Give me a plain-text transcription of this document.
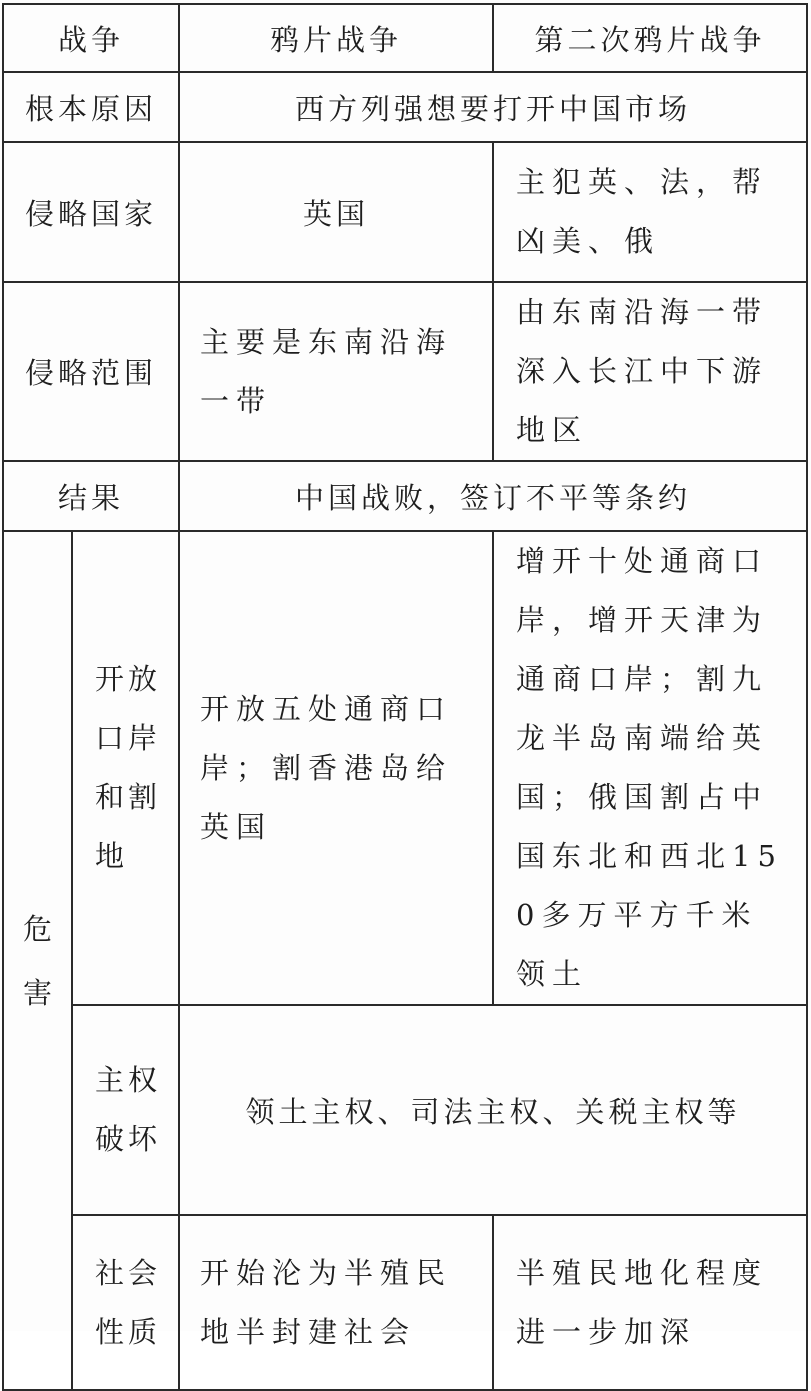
战争		鸦片战争	第二次鸦片战争
根本原因		西方列强想要打开中国市场	
侵略国家		英国	主犯英、法，帮凶美、俄
侵略范围		主要是东南沿海一带	由东南沿海一带深入长江中下游地区
结果		中国战败，签订不平等条约	

危害	开放口岸和割地	开放五处通商口岸；割香港岛给英国	增开十处通商口岸，增开天津为通商口岸；割九龙半岛南端给英国；俄国割占中国东北和西北150多万平方千米领土
	主权破坏	领土主权、司法主权、关税主权等	
	社会性质	开始沦为半殖民地半封建社会	半殖民地化程度进一步加深
